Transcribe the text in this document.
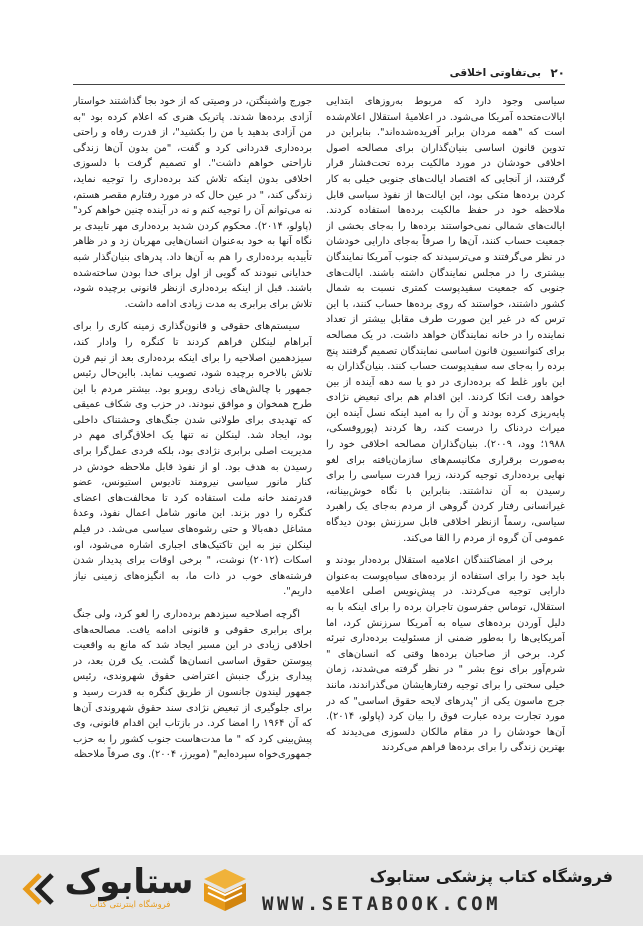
۲۰
بی‌تفاوتی اخلاقی

سیاسی وجود دارد که مربوط به‌روزهای ابتدایی ایالات‌متحده آمریکا می‌شود. در اعلامیهٔ استقلال اعلام‌شده است که "همه مردان برابر آفریده‌شده‌اند". بنابراین در تدوین قانون اساسی بنیان‌گذاران برای مصالحه اصول اخلاقی خودشان در مورد مالکیت برده تحت‌فشار قرار گرفتند، از آنجایی که اقتصاد ایالت‌های جنوبی خیلی به کار کردن برده‌ها متکی بود، این ایالت‌ها از نفوذ سیاسی قابل ملاحظه خود در حفظ مالکیت برده‌ها استفاده کردند. ایالت‌های شمالی نمی‌خواستند برده‌ها را به‌جای بخشی از جمعیت حساب کنند، آن‌ها را صرفاً به‌جای دارایی خودشان در نظر می‌گرفتند و می‌ترسیدند که جنوب آمریکا نمایندگان بیشتری را در مجلس نمایندگان داشته باشند. ایالت‌های جنوبی که جمعیت سفیدپوست کمتری نسبت به شمال کشور داشتند، خواستند که روی برده‌ها حساب کنند، با این ترس که در غیر این صورت طرف مقابل بیشتر از تعداد نماینده را در خانه نمایندگان خواهد داشت. در یک مصالحه برای کنوانسیون قانون اساسی نمایندگان تصمیم گرفتند پنج برده را به‌جای سه سفیدپوست حساب کنند. بنیان‌گذاران به این باور غلط که برده‌داری در دو یا سه دهه آینده از بین خواهد رفت اتکا کردند. این اقدام هم برای تبعیض نژادی پایه‌ریزی کرده بودند و آن را به امید اینکه نسل آینده این میراث دردناک را درست کند، رها کردند (پوروفسکی، ۱۹۸۸؛ وود، ۲۰۰۹). بنیان‌گذاران مصالحه اخلاقی خود را به‌صورت برقراری مکانیسم‌های سازمان‌یافته برای لغو نهایی برده‌داری توجیه کردند، زیرا قدرت سیاسی را برای رسیدن به آن نداشتند. بنابراین با نگاه خوش‌بینانه، غیرانسانی رفتار کردن گروهی از مردم به‌جای یک راهبرد سیاسی، رسماً ازنظر اخلاقی قابل سرزنش بودن دیدگاه عمومی آن گروه از مردم را القا می‌کند.

برخی از امضاکنندگان اعلامیه استقلال برده‌دار بودند و باید خود را برای استفاده از برده‌های سیاه‌پوست به‌عنوان دارایی توجیه می‌کردند. در پیش‌نویس اصلی اعلامیه استقلال، توماس جفرسون تاجران برده را برای اینکه با به دلیل آوردن برده‌های سیاه به آمریکا سرزنش کرد، اما آمریکایی‌ها را به‌طور ضمنی از مسئولیت برده‌داری تبرئه کرد. برخی از صاحبان برده‌ها وقتی که انسان‌های " شرم‌آور برای نوع بشر " در نظر گرفته می‌شدند، زمان خیلی سختی را برای توجیه رفتارهایشان می‌گذراندند، مانند جرج ماسون یکی از "پدرهای لایحه حقوق اساسی" که در مورد تجارت برده عبارت فوق را بیان کرد (پاولو، ۲۰۱۴). آن‌ها خودشان را در مقام مالکان دلسوزی می‌دیدند که بهترین زندگی را برای برده‌ها فراهم می‌کردند

جورج واشینگتن، در وصیتی که از خود بجا گذاشتند خواستار آزادی برده‌ها شدند. پاتریک هنری که اعلام کرده بود "به من آزادی بدهید یا من را بکشید"، از قدرت رفاه و راحتی برده‌داری قدردانی کرد و گفت، "من بدون آن‌ها زندگی ناراحتی خواهم داشت". او تصمیم گرفت با دلسوزی اخلاقی بدون اینکه تلاش کند برده‌داری را توجیه نماید، زندگی کند، " در عین حال که در مورد رفتارم مقصر هستم، نه می‌توانم آن را توجیه کنم و نه در آینده چنین خواهم کرد" (پاولو، ۲۰۱۴). محکوم کردن شدید برده‌داری مهر تاییدی بر نگاه آنها به خود به‌عنوان انسان‌هایی مهربان زد و در ظاهر تأییدیه برده‌داری را هم به آن‌ها داد. پدرهای بنیان‌گذار شبه خدایانی نبودند که گویی از اول برای خدا بودن ساخته‌شده باشند. قبل از اینکه برده‌داری ازنظر قانونی برچیده شود، تلاش برای برابری به مدت زیادی ادامه داشت.

سیستم‌های حقوقی و قانون‌گذاری زمینه کاری را برای آبراهام لینکلن فراهم کردند تا کنگره را وادار کند، سیزدهمین اصلاحیه را برای اینکه برده‌داری بعد از نیم قرن تلاش بالاخره برچیده شود، تصویب نماید. بااین‌حال رئیس جمهور با چالش‌های زیادی روبرو بود. بیشتر مردم با این طرح همخوان و موافق نبودند. در حزب وی شکاف عمیقی که تهدیدی برای طولانی شدن جنگ‌های وحشتناک داخلی بود، ایجاد شد. لینکلن نه تنها یک اخلاق‌گرای مهم در مدیریت اصلی برابری نژادی بود، بلکه فردی عمل‌گرا برای رسیدن به هدف بود. او از نفوذ قابل ملاحظه خودش در کنار مانور سیاسی نیرومند تادیوس استیونس، عضو قدرتمند خانه ملت استفاده کرد تا مخالفت‌های اعضای کنگره را دور بزند. این مانور شامل اعمال نفوذ، وعدهٔ مشاغل دهه‌بالا و حتی رشوه‌های سیاسی می‌شد. در فیلم لینکلن نیز به این تاکتیک‌های اجباری اشاره می‌شود، او، اسکات (۲۰۱۲) نوشت، " برخی اوقات برای پدیدار شدن فرشته‌های خوب در ذات ما، به انگیزه‌های زمینی نیاز داریم".

اگرچه اصلاحیه سیزدهم برده‌داری را لغو کرد، ولی جنگ برای برابری حقوقی و قانونی ادامه یافت. مصالحه‌های اخلاقی زیادی در این مسیر ایجاد شد که مانع به واقعیت پیوستن حقوق اساسی انسان‌ها گشت. یک قرن بعد، در پیداری بزرگ جنبش اعتراضی حقوق شهروندی، رئیس جمهور لیندون جانسون از طریق کنگره به قدرت رسید و برای جلوگیری از تبعیض نژادی سند حقوق شهروندی آن‌ها که آن ۱۹۶۴ را امضا کرد. در بازتاب این اقدام قانونی، وی پیش‌بینی کرد که " ما مدت‌هاست جنوب کشور را به حزب جمهوری‌خواه سپرده‌ایم" (مویرز، ۲۰۰۴). وی صرفاً ملاحظه

ستابوک
فروشگاه اینترنتی کتاب
فروشگاه کتاب پزشکی ستابوک
WWW.SETABOOK.COM
